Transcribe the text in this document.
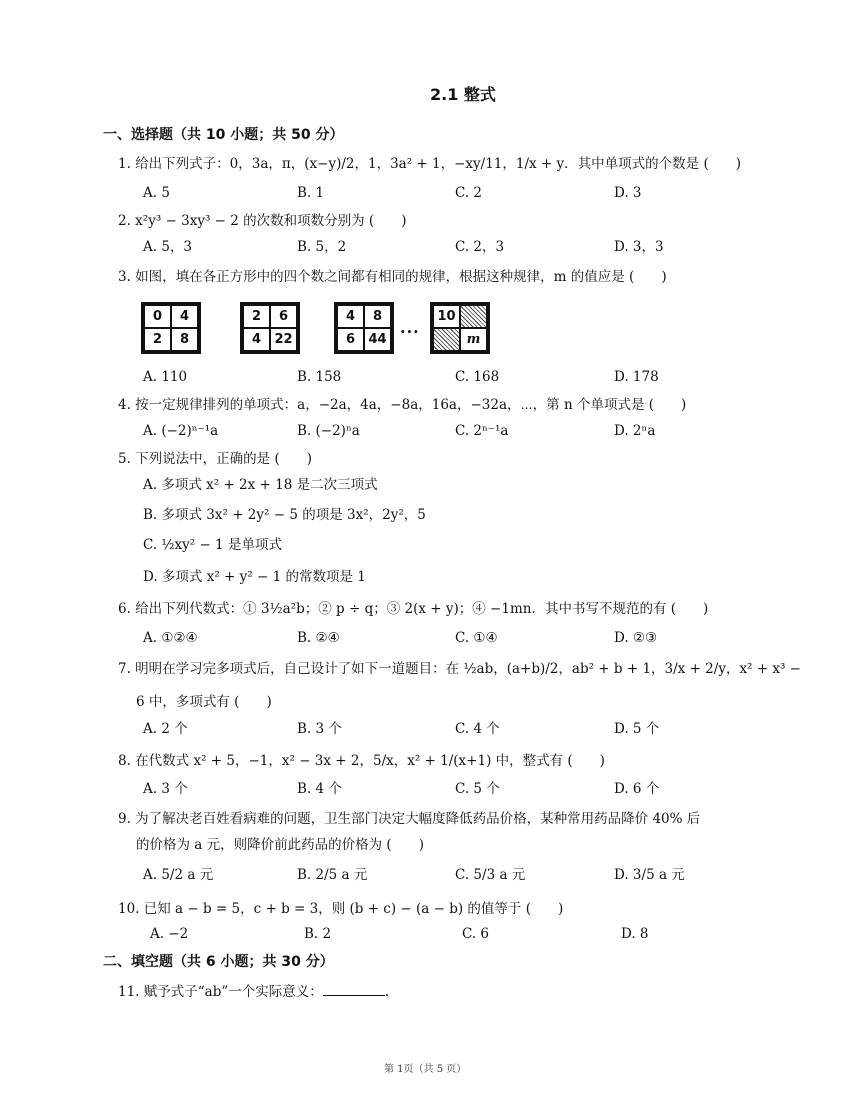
2.1 整式
一、选择题（共 10 小题；共 50 分）
1. 给出下列式子：0，3a，π，(x−y)/2，1，3a² + 1，−xy/11，1/x + y．其中单项式的个数是 (　　)
A. 5	B. 1	C. 2	D. 3
2. x²y³ − 3xy³ − 2 的次数和项数分别为 (　　)
A. 5，3	B. 5，2	C. 2，3	D. 3，3
3. 如图，填在各正方形中的四个数之间都有相同的规律，根据这种规律，m 的值应是 (　　)
0	4
2	8
2	6
4	22
4	8
6	44 ···
10
m
A. 110	B. 158	C. 168	D. 178
4. 按一定规律排列的单项式：a，−2a，4a，−8a，16a，−32a，⋯，第 n 个单项式是 (　　)
A. (−2)ⁿ⁻¹a	B. (−2)ⁿa	C. 2ⁿ⁻¹a	D. 2ⁿa
5. 下列说法中，正确的是 (　　)
A. 多项式 x² + 2x + 18 是二次三项式
B. 多项式 3x² + 2y² − 5 的项是 3x²，2y²，5
C. ½xy² − 1 是单项式
D. 多项式 x² + y² − 1 的常数项是 1
6. 给出下列代数式：① 3½a²b；② p ÷ q；③ 2(x + y)；④ −1mn．其中书写不规范的有 (　　)
A. ①②④	B. ②④	C. ①④	D. ②③
7. 明明在学习完多项式后，自己设计了如下一道题目：在 ½ab，(a+b)/2，ab² + b + 1，3/x + 2/y，x² + x³ −
6 中，多项式有 (　　)
A. 2 个	B. 3 个	C. 4 个	D. 5 个
8. 在代数式 x² + 5，−1，x² − 3x + 2，5/x，x² + 1/(x+1) 中，整式有 (　　)
A. 3 个	B. 4 个	C. 5 个	D. 6 个
9. 为了解决老百姓看病难的问题，卫生部门决定大幅度降低药品价格，某种常用药品降价 40% 后
的价格为 a 元，则降价前此药品的价格为 (　　)
A. 5/2 a 元	B. 2/5 a 元	C. 5/3 a 元	D. 3/5 a 元
10. 已知 a − b = 5，c + b = 3，则 (b + c) − (a − b) 的值等于 (　　)
A. −2	B. 2	C. 6	D. 8
二、填空题（共 6 小题；共 30 分）
11. 赋予式子“ab”一个实际意义：	.
第 1页（共 5 页）
